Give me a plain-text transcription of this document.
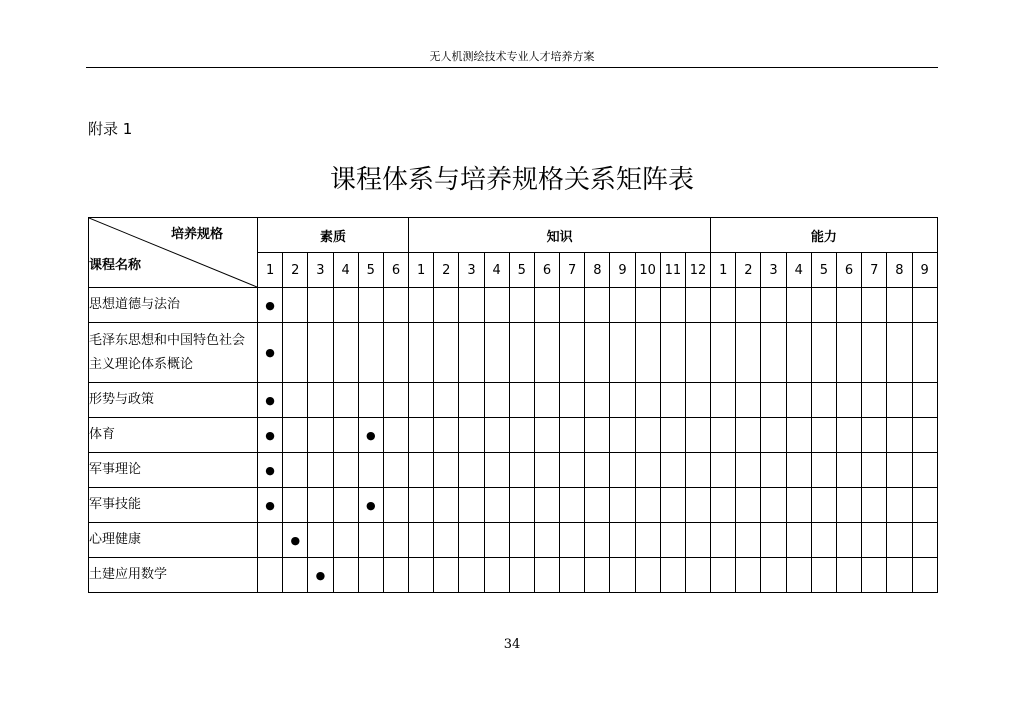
无人机测绘技术专业人才培养方案
附录 1
课程体系与培养规格关系矩阵表
培养规格
课程名称	素质						知识												能力								
	1	2	3	4	5	6	1	2	3	4	5	6	7	8	9	10	11	12	1	2	3	4	5	6	7	8	9
思想道德与法治	●																										
毛泽东思想和中国特色社会主义理论体系概论	●																										
形势与政策	●																										
体育	●				●																						
军事理论	●																										
军事技能	●				●																						
心理健康		●																									
土建应用数学			●																								
34
